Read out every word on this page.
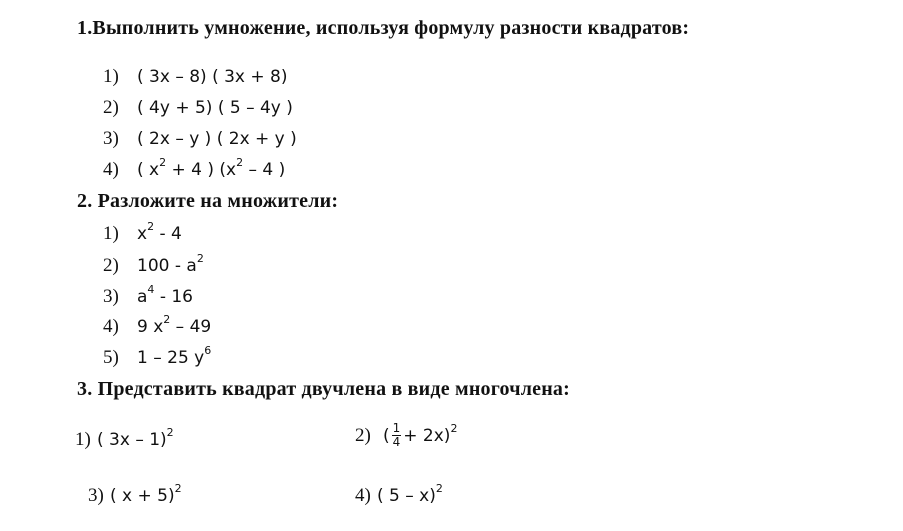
1.Выполнить умножение, используя формулу разности квадратов:
1) ( 3x – 8) ( 3x + 8)
2) ( 4y + 5) ( 5 – 4y )
3) ( 2x – y ) ( 2x + y )
4) ( $x^2 + 4$ ) ($x^2 - 4$ )
2. Разложите на множители:
1) $x^2 - 4$
2) $100 - a^2$
3) $a^4 - 16$
4) 9 $x^2 - 49$
5) 1 – 25 $y^6$
3. Представить квадрат двучлена в виде многочлена:
1) ( 3x – 1)$^2$	2) ( $\frac{1}{4} + 2x)^2$
3) ( x + 5)$^2$	4) ( 5 – x)$^2$
